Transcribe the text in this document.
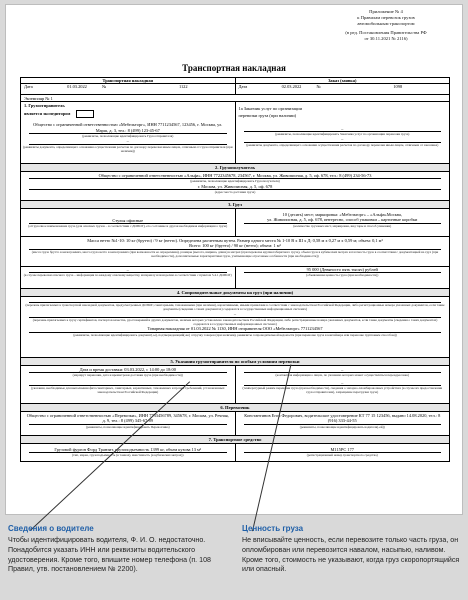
Приложение № 4
к Правилам перевозок грузов
автомобильным транспортом
(в ред. Постановления Правительства РФ
от 30.11.2021 № 2116)
Транспортная накладная
Транспортная накладная
Дата	01.03.2022	№	1122
Заказ (заявка)
Дата	02.03.2022	№	1098
Экземпляр № 1
1. Грузоотправитель
является экспедитором
Общество с ограниченной ответственностью «Мебельторг», ИНН 7711234567, 123456, г. Москва, ул. Марш, д. 3, тел.: 8 (499) 123-45-67
(реквизиты, позволяющие идентифицировать Грузоотправителя)
–
(реквизиты документа, определяющего основания осуществления расчетов по договору перевозки иным лицом, отличным от грузоотправителя (при наличии))
1а Заказчик услуг по организации
перевозки груза (при наличии)
–
(реквизиты, позволяющие идентифицировать Заказчика услуг по организации перевозки груза)
–
(реквизиты документа, определяющего основания осуществления расчетов по договору перевозки иным лицом, отличным от заказчика)
2. Грузополучатель
Общество с ограниченной ответственностью «Альфа», ИНН 7722345678, 234567, г. Москва, ул. Живописная, д. 5, оф. 678, тел.: 8 (499) 234-56-73
(реквизиты, позволяющие идентифицировать Грузополучателя)
г. Москва, ул. Живописная, д. 5, оф. 678
(адрес места доставки груза)
3. Груз
Стулья офисные
(отгрузочное наименование груза (для опасных грузов – в соответствии с ДОПОГ), его состояние и другая необходимая информация о грузе)
10 (десять) мест; маркировка: «Мебельторг» – «Альфа»Москва,
ул. Живописная, д. 5, оф. 678, интересно, способ упаковки – картонные коробки
(количество грузовых мест, маркировка, вид тары и способ упаковки)
Масса нетто №1-10: 10 кг (брутто) / 9 кг (нетто). Определена расчетным путем. Размер одного места № 1-10 В х Ш х Д: 0,58 м х 0,27 м х 0,59 м; объем: 0,1 м³
Всего: 100 кг (брутто) / 90 кг (нетто); объем: 1 м³
(масса груза брутто в килограммах, масса груза нетто в килограммах (при возможности ее определения), размеры (высота, ширина, длина) в метрах (при перевозке крупногабаритного груза), объем груза в кубических метрах и плотность груза в соответствии с документацией на груз (при необходимости), дополнительные характеристики груза, учитывающие отраслевые особенности (при необходимости))
–
(в случае перевозки опасного груза – информация по каждому опасному веществу, материалу или изделию в соответствии с пунктом 5.4.1 ДОПОГ)
95 000 (Девяносто пять тысяч) рублей
(объявленная ценность груза (при необходимости))
4. Сопроводительные документы на груз (при наличии)
(перечень прилагаемых к транспортной накладной документов, предусмотренных ДОПОГ, санитарными, таможенными (при наличии), карантинными, иными правилами в соответствии с законодательством Российской Федерации, либо регистрационные номера указанных документов, если такие документы (сведения о таких документах) содержатся в государственных информационных системах)
–
(перечень прилагаемых к грузу сертификатов, паспортов качества, удостоверений и других документов, наличие которых установлено законодательством Российской Федерации, либо регистрационные номера указанных документов, если такие документы (сведения о таких документах) содержатся в государственных информационных системах)
Товарная накладная от 01.03.2022 № 1130, ИНН отправителя ООО «Мебельторг» 7711234567
(реквизиты, позволяющие идентифицировать документ(-ы), подтверждающий(-ие) отгрузку товаров (при наличии), реквизиты сопроводительной ведомости (при перевозке груза в контейнере или перевозке групповым способом))
5. Указания грузоотправителя по особым условиям перевозки
Дата и время доставки: 03.03.2022, с 14:00 до 18:00
(маршрут перевозки, дата и время/сроки доставки груза (при необходимости))
(указания, необходимые для выполнения фитосанитарных, санитарных, карантинных, таможенных и прочих требований, установленных законодательством Российской Федерации)
–
(контактная информация о лицах, по указанию которых может осуществляться переадресовка)
–
(температурный режим перевозки груза (при необходимости), сведения о запорно-пломбировочных устройствах (в случае их предоставления грузоотправителем), запрещение перегрузки груза)
6. Перевозчик
Общество с ограниченной ответственностью «Перевозки», ИНН 7733456789, 345678, г. Москва, ул. Речная, д. 9, тел.: 8 (499) 345-67-89
(реквизиты, позволяющие идентифицировать Перевозчика)
Константинов Егор Федорович, водительское удостоверение КТ 77 15 123456, выдано 14.08.2020, тел.: 8 (916) 333-44-55
(реквизиты, позволяющие идентифицировать водителя(-ей))
7. Транспортное средство
Грузовой фургон Форд Транзит, грузоподъемность 1399 кг, объем кузова 13 м³
(тип, марка, грузоподъемность (в тоннах), вместимость (в кубических метрах))
М115РС 177
(регистрационный номер транспортного средства)
Сведения о водителе
Чтобы идентифицировать водителя, Ф. И. О. недостаточно. Понадобится указать ИНН или реквизиты водительского удостоверения. Кроме того, впишите номер телефона (п. 108 Правил, утв. постановлением № 2200).
Ценность груза
Не вписывайте ценность, если перевозите только часть груза, он опломбирован или перевозится навалом, насыпью, наливом. Кроме того, стоимость не указывают, когда груз скоропортящийся или опасный.
